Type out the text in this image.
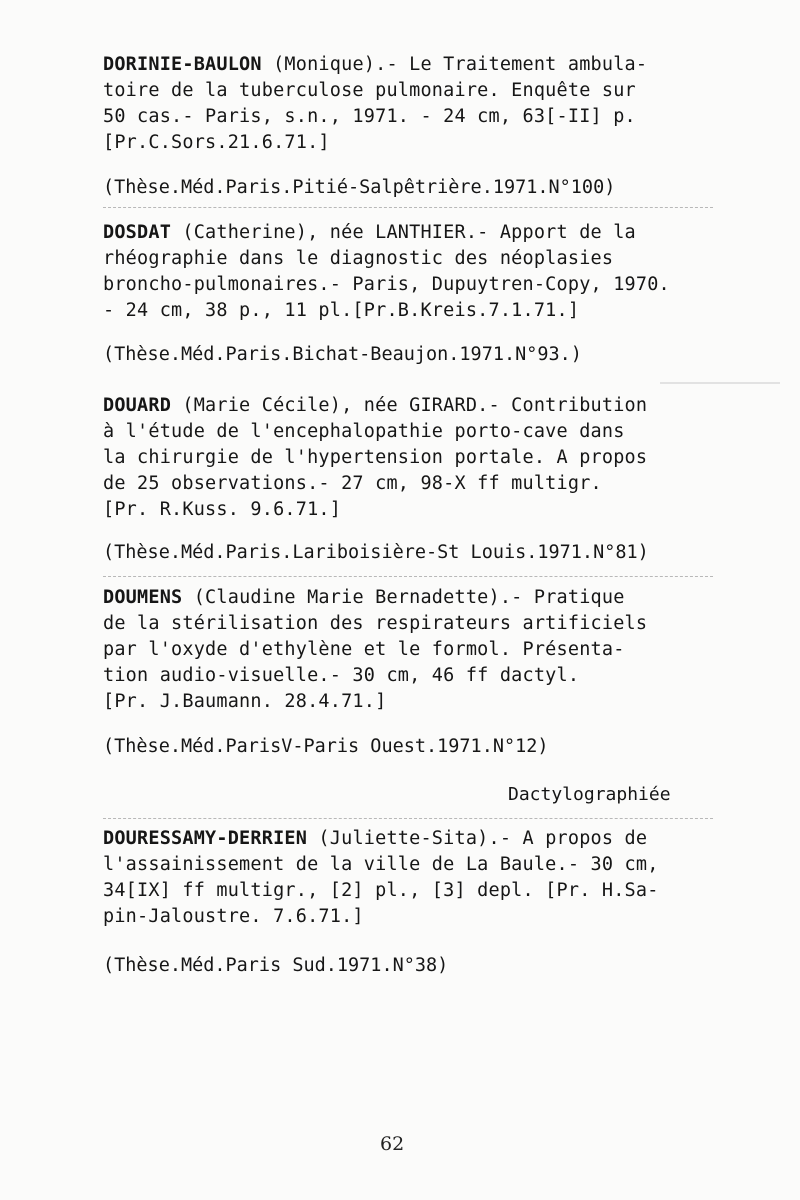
DORINIE-BAULON (Monique).- Le Traitement ambula-
toire de la tuberculose pulmonaire. Enquête sur
50 cas.- Paris, s.n., 1971. - 24 cm, 63[-II] p.
[Pr.C.Sors.21.6.71.]
(Thèse.Méd.Paris.Pitié-Salpêtrière.1971.N°100)
DOSDAT (Catherine), née LANTHIER.- Apport de la
rhéographie dans le diagnostic des néoplasies
broncho-pulmonaires.- Paris, Dupuytren-Copy, 1970.
- 24 cm, 38 p., 11 pl.[Pr.B.Kreis.7.1.71.]
(Thèse.Méd.Paris.Bichat-Beaujon.1971.N°93.)
DOUARD (Marie Cécile), née GIRARD.- Contribution
à l'étude de l'encephalopathie porto-cave dans
la chirurgie de l'hypertension portale. A propos
de 25 observations.- 27 cm, 98-X ff multigr.
[Pr. R.Kuss. 9.6.71.]
(Thèse.Méd.Paris.Lariboisière-St Louis.1971.N°81)
DOUMENS (Claudine Marie Bernadette).- Pratique
de la stérilisation des respirateurs artificiels
par l'oxyde d'ethylène et le formol. Présenta-
tion audio-visuelle.- 30 cm, 46 ff dactyl.
[Pr. J.Baumann. 28.4.71.]
(Thèse.Méd.ParisV-Paris Ouest.1971.N°12)
Dactylographiée
DOURESSAMY-DERRIEN (Juliette-Sita).- A propos de
l'assainissement de la ville de La Baule.- 30 cm,
34[IX] ff multigr., [2] pl., [3] depl. [Pr. H.Sa-
pin-Jaloustre. 7.6.71.]
(Thèse.Méd.Paris Sud.1971.N°38)
62
